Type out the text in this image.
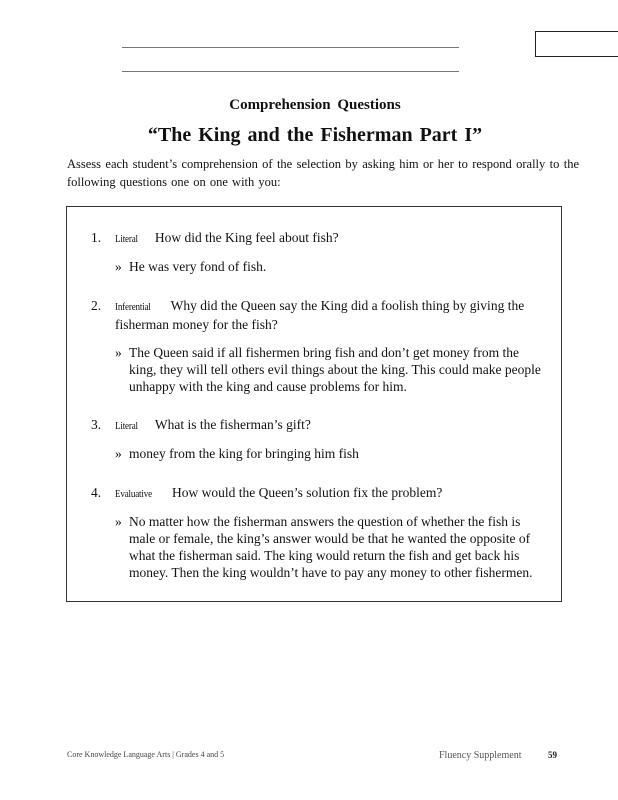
Comprehension Questions
“The King and the Fisherman Part I”
Assess each student’s comprehension of the selection by asking him or her to respond orally to the following questions one on one with you:
1. Literal How did the King feel about fish?
» He was very fond of fish.
2. Inferential Why did the Queen say the King did a foolish thing by giving the fisherman money for the fish?
» The Queen said if all fishermen bring fish and don’t get money from the king, they will tell others evil things about the king. This could make people unhappy with the king and cause problems for him.
3. Literal What is the fisherman’s gift?
» money from the king for bringing him fish
4. Evaluative How would the Queen’s solution fix the problem?
» No matter how the fisherman answers the question of whether the fish is male or female, the king’s answer would be that he wanted the opposite of what the fisherman said. The king would return the fish and get back his money. Then the king wouldn’t have to pay any money to other fishermen.
Core Knowledge Language Arts | Grades 4 and 5	Fluency Supplement	59
